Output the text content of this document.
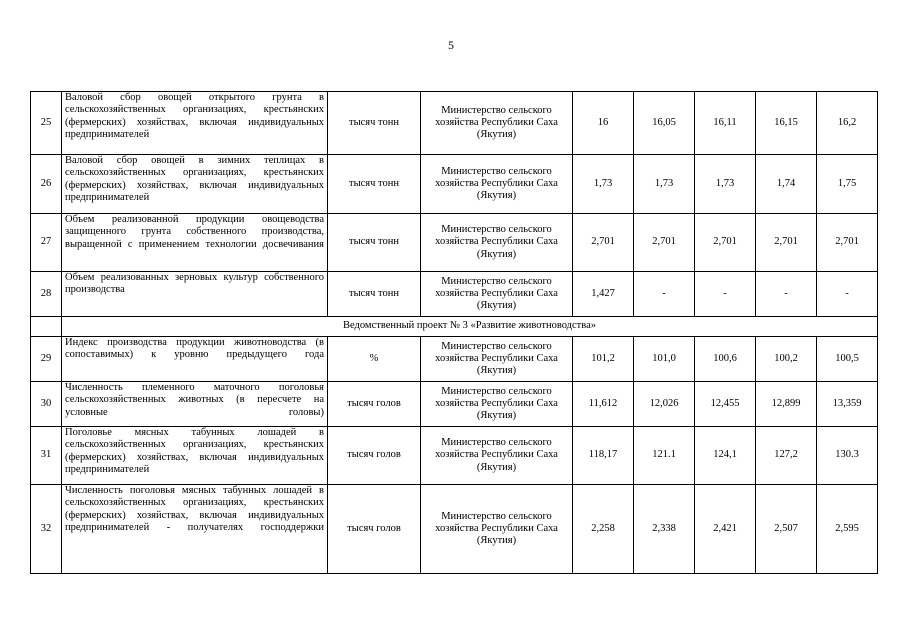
5
25	Валовой сбор овощей открытого грунта в сельскохозяйственных организациях, крестьянских (фермерских) хозяйствах, включая индивидуальных предпринимателей	тысяч тонн	Министерство сельского хозяйства Республики Саха (Якутия)	16	16,05	16,11	16,15	16,2
26	Валовой сбор овощей в зимних теплицах в сельскохозяйственных организациях, крестьянских (фермерских) хозяйствах, включая индивидуальных предпринимателей	тысяч тонн	Министерство сельского хозяйства Республики Саха (Якутия)	1,73	1,73	1,73	1,74	1,75
27	Объем реализованной продукции овощеводства защищенного грунта собственного производства, выращенной с применением технологии досвечивания	тысяч тонн	Министерство сельского хозяйства Республики Саха (Якутия)	2,701	2,701	2,701	2,701	2,701
28	Объем реализованных зерновых культур собственного производства	тысяч тонн	Министерство сельского хозяйства Республики Саха (Якутия)	1,427	-	-	-	-
	Ведомственный проект № 3 «Развитие животноводства»							
29	Индекс производства продукции животноводства (в сопоставимых) к уровню предыдущего года	%	Министерство сельского хозяйства Республики Саха (Якутия)	101,2	101,0	100,6	100,2	100,5
30	Численность племенного маточного поголовья сельскохозяйственных животных (в пересчете на условные головы)	тысяч голов	Министерство сельского хозяйства Республики Саха (Якутия)	11,612	12,026	12,455	12,899	13,359
31	Поголовье мясных табунных лошадей в сельскохозяйственных организациях, крестьянских (фермерских) хозяйствах, включая индивидуальных предпринимателей	тысяч голов	Министерство сельского хозяйства Республики Саха (Якутия)	118,17	121.1	124,1	127,2	130.3
32	Численность поголовья мясных табунных лошадей в сельскохозяйственных организациях, крестьянских (фермерских) хозяйствах, включая индивидуальных предпринимателей - получателях господдержки	тысяч голов	Министерство сельского хозяйства Республики Саха (Якутия)	2,258	2,338	2,421	2,507	2,595
